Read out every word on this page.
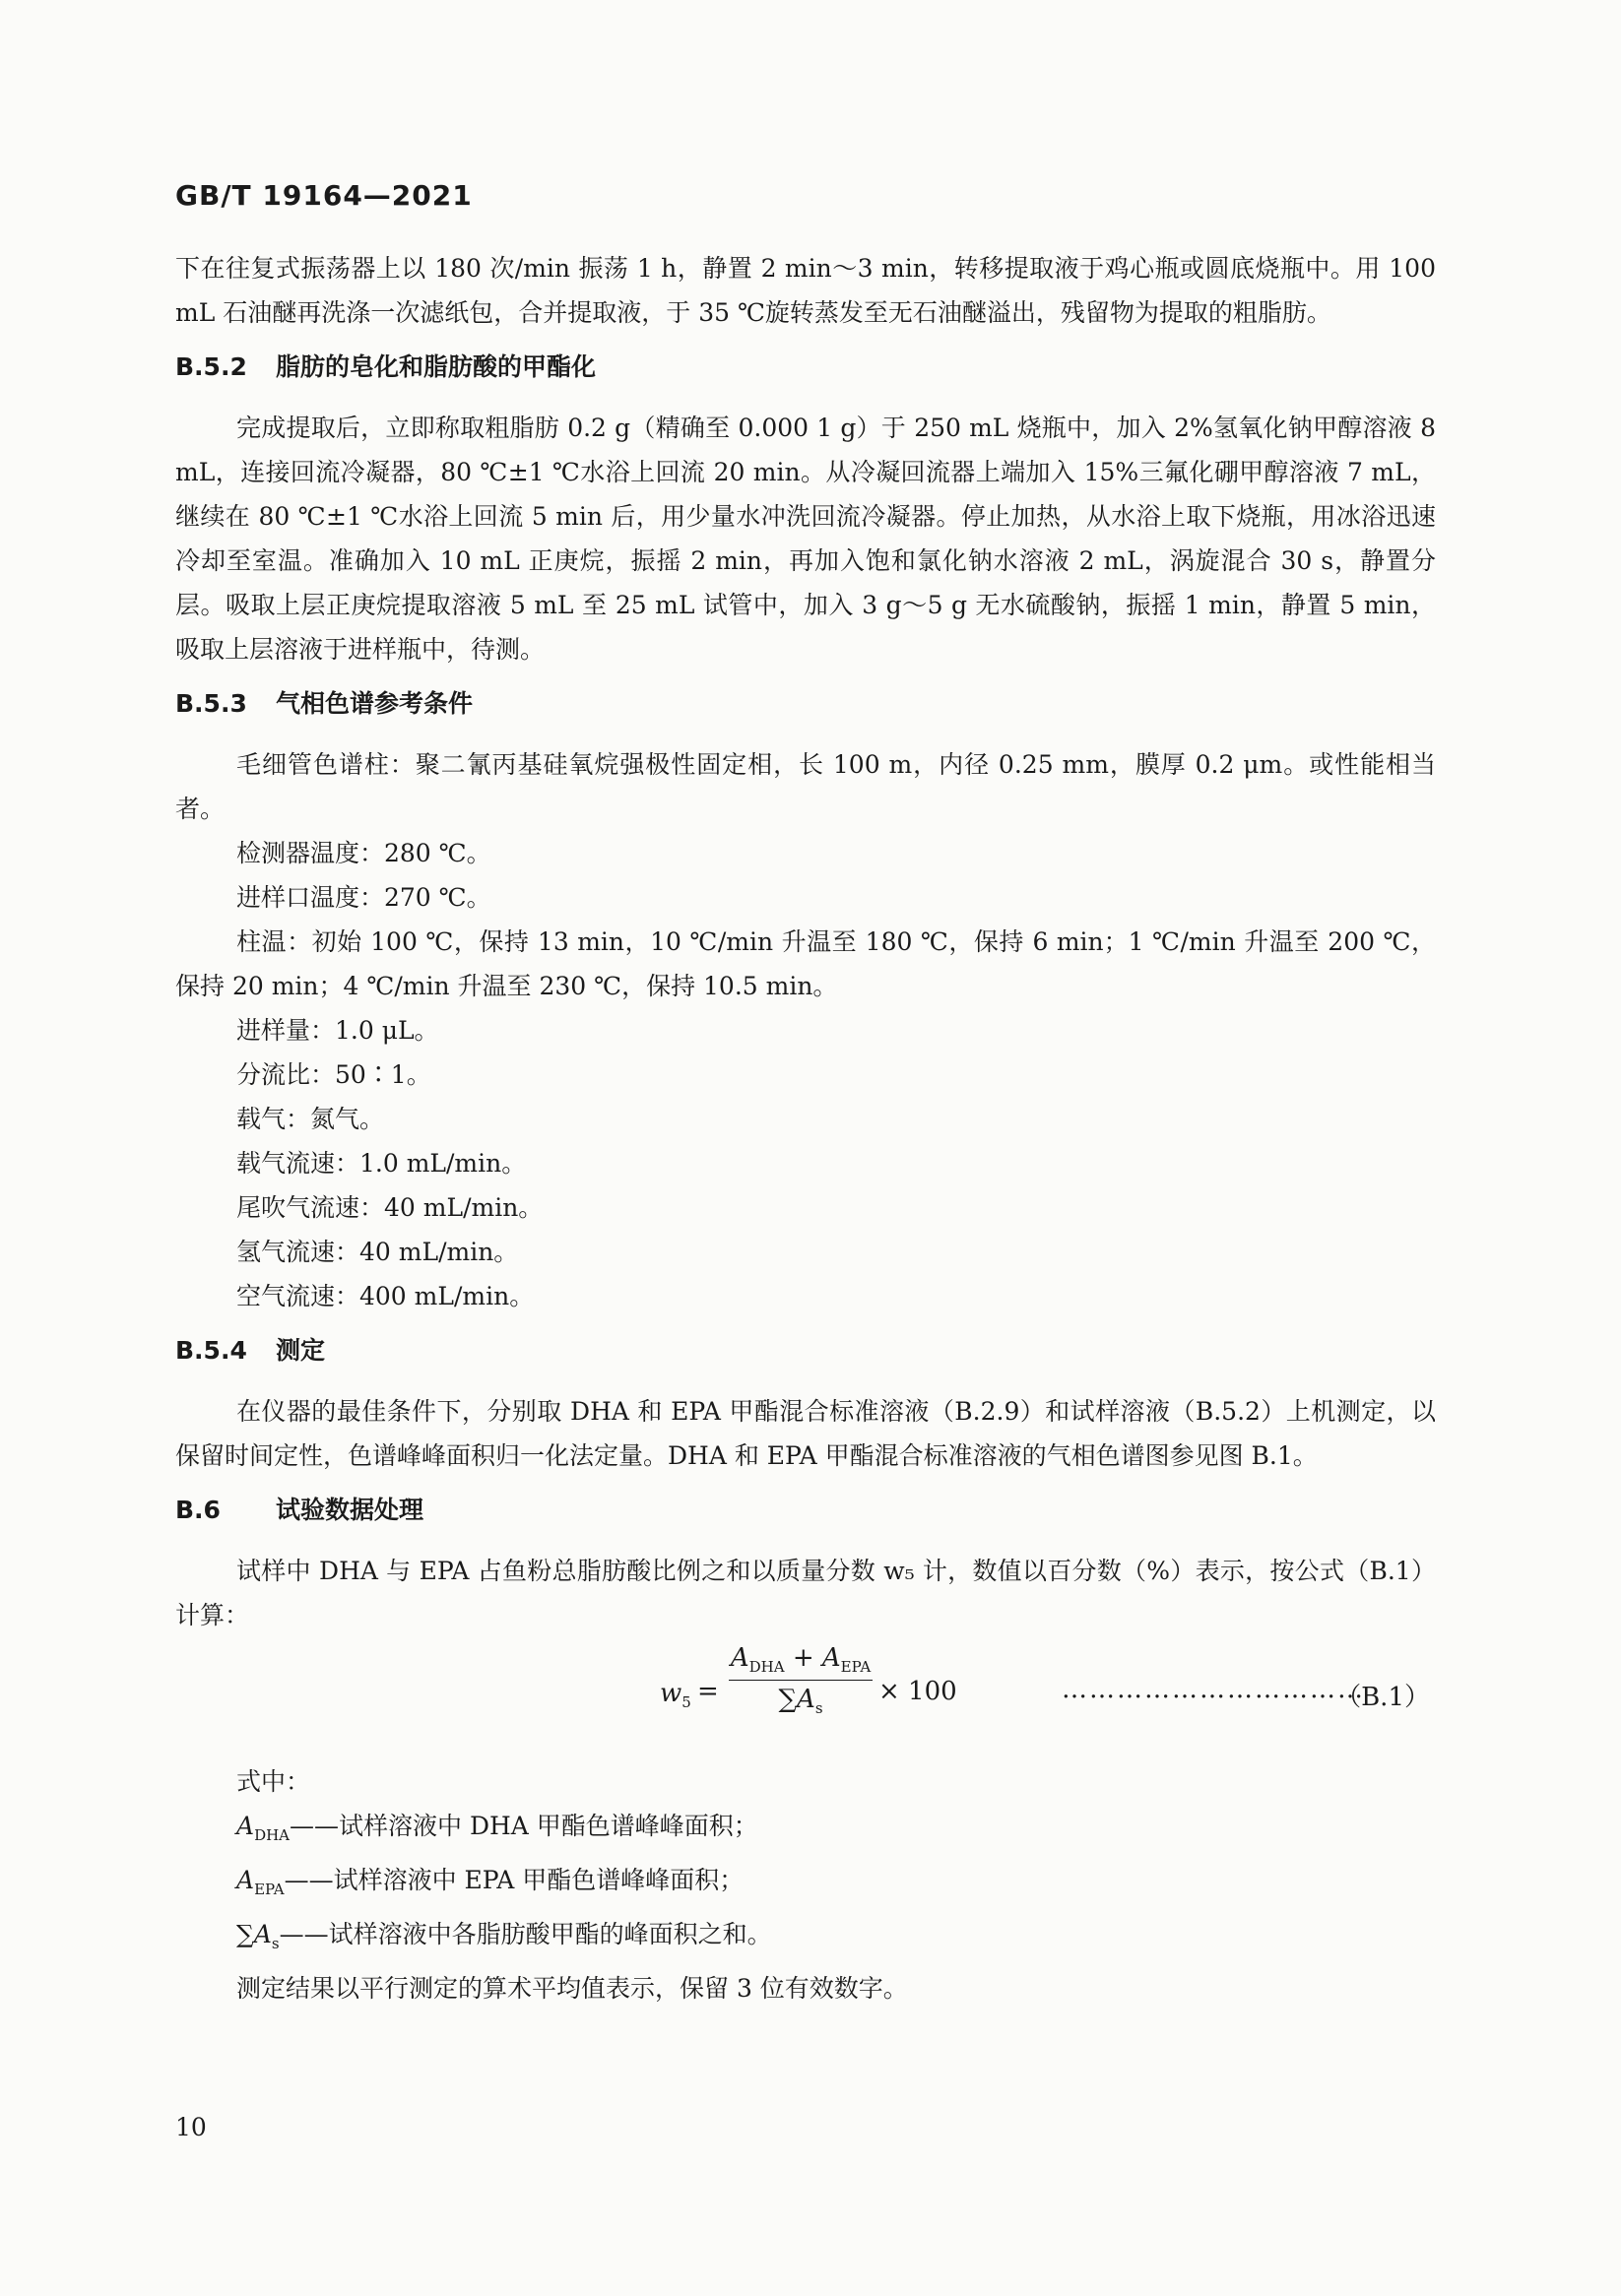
GB/T 19164—2021

下在往复式振荡器上以 180 次/min 振荡 1 h，静置 2 min～3 min，转移提取液于鸡心瓶或圆底烧瓶中。用 100 mL 石油醚再洗涤一次滤纸包，合并提取液，于 35 ℃旋转蒸发至无石油醚溢出，残留物为提取的粗脂肪。

B.5.2 脂肪的皂化和脂肪酸的甲酯化

完成提取后，立即称取粗脂肪 0.2 g（精确至 0.000 1 g）于 250 mL 烧瓶中，加入 2%氢氧化钠甲醇溶液 8 mL，连接回流冷凝器，80 ℃±1 ℃水浴上回流 20 min。从冷凝回流器上端加入 15%三氟化硼甲醇溶液 7 mL，继续在 80 ℃±1 ℃水浴上回流 5 min 后，用少量水冲洗回流冷凝器。停止加热，从水浴上取下烧瓶，用冰浴迅速冷却至室温。准确加入 10 mL 正庚烷，振摇 2 min，再加入饱和氯化钠水溶液 2 mL，涡旋混合 30 s，静置分层。吸取上层正庚烷提取溶液 5 mL 至 25 mL 试管中，加入 3 g～5 g 无水硫酸钠，振摇 1 min，静置 5 min，吸取上层溶液于进样瓶中，待测。

B.5.3 气相色谱参考条件

毛细管色谱柱：聚二氰丙基硅氧烷强极性固定相，长 100 m，内径 0.25 mm，膜厚 0.2 μm。或性能相当者。

检测器温度：280 ℃。

进样口温度：270 ℃。

柱温：初始 100 ℃，保持 13 min，10 ℃/min 升温至 180 ℃，保持 6 min；1 ℃/min 升温至 200 ℃，保持 20 min；4 ℃/min 升温至 230 ℃，保持 10.5 min。

进样量：1.0 μL。

分流比：50∶1。

载气：氮气。

载气流速：1.0 mL/min。

尾吹气流速：40 mL/min。

氢气流速：40 mL/min。

空气流速：400 mL/min。

B.5.4 测定

在仪器的最佳条件下，分别取 DHA 和 EPA 甲酯混合标准溶液（B.2.9）和试样溶液（B.5.2）上机测定，以保留时间定性，色谱峰峰面积归一化法定量。DHA 和 EPA 甲酯混合标准溶液的气相色谱图参见图 B.1。

B.6 试验数据处理

试样中 DHA 与 EPA 占鱼粉总脂肪酸比例之和以质量分数 w₅ 计，数值以百分数（%）表示，按公式（B.1）计算：

$w_5$ =
$A_{DHA} + A_{EPA}$
$\sum A_s$
× 100	……………………………
（B.1）

式中：

$A_{DHA}——$试样溶液中 DHA 甲酯色谱峰峰面积；

$A_{EPA}——$试样溶液中 EPA 甲酯色谱峰峰面积；

$\sum A_s——$试样溶液中各脂肪酸甲酯的峰面积之和。

测定结果以平行测定的算术平均值表示，保留 3 位有效数字。

10
